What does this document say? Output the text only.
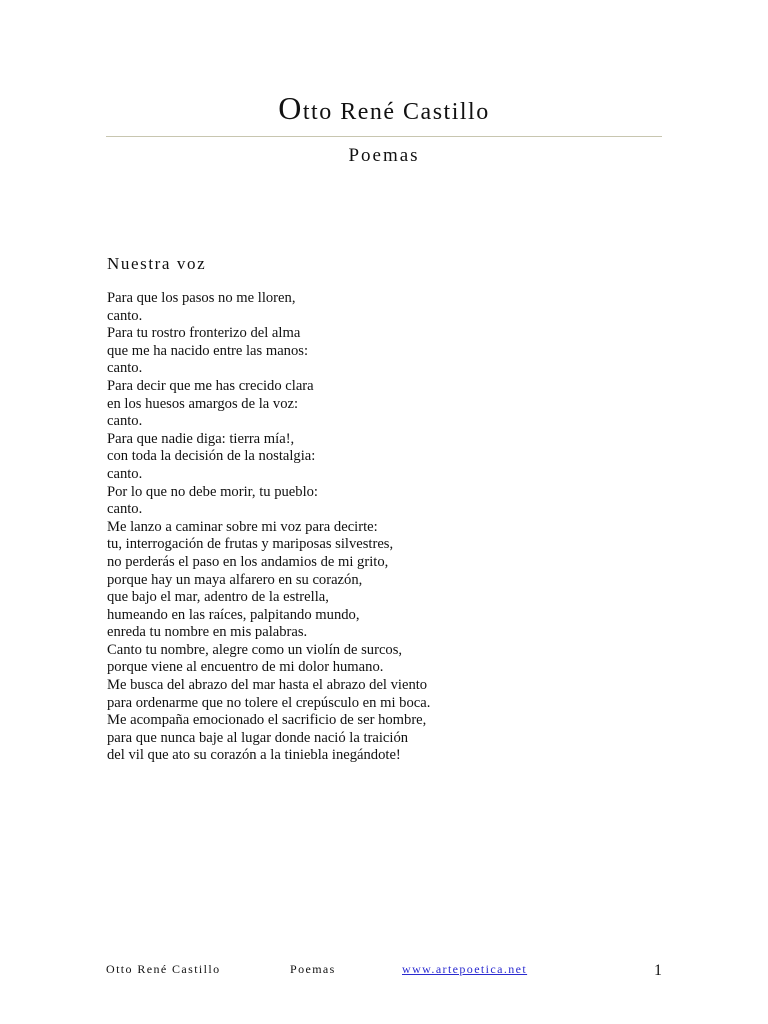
Otto René Castillo
Poemas
Nuestra voz
Para que los pasos no me lloren,
canto.
Para tu rostro fronterizo del alma
que me ha nacido entre las manos:
canto.
Para decir que me has crecido clara
en los huesos amargos de la voz:
canto.
Para que nadie diga: tierra mía!,
con toda la decisión de la nostalgia:
canto.
Por lo que no debe morir, tu pueblo:
canto.
Me lanzo a caminar sobre mi voz para decirte:
tu, interrogación de frutas y mariposas silvestres,
no perderás el paso en los andamios de mi grito,
porque hay un maya alfarero en su corazón,
que bajo el mar, adentro de la estrella,
humeando en las raíces, palpitando mundo,
enreda tu nombre en mis palabras.
Canto tu nombre, alegre como un violín de surcos,
porque viene al encuentro de mi dolor humano.
Me busca del abrazo del mar hasta el abrazo del viento
para ordenarme que no tolere el crepúsculo en mi boca.
Me acompaña emocionado el sacrificio de ser hombre,
para que nunca baje al lugar donde nació la traición
del vil que ato su corazón a la tiniebla inegándote!
Otto René Castillo	Poemas	www.artepoetica.net	1
